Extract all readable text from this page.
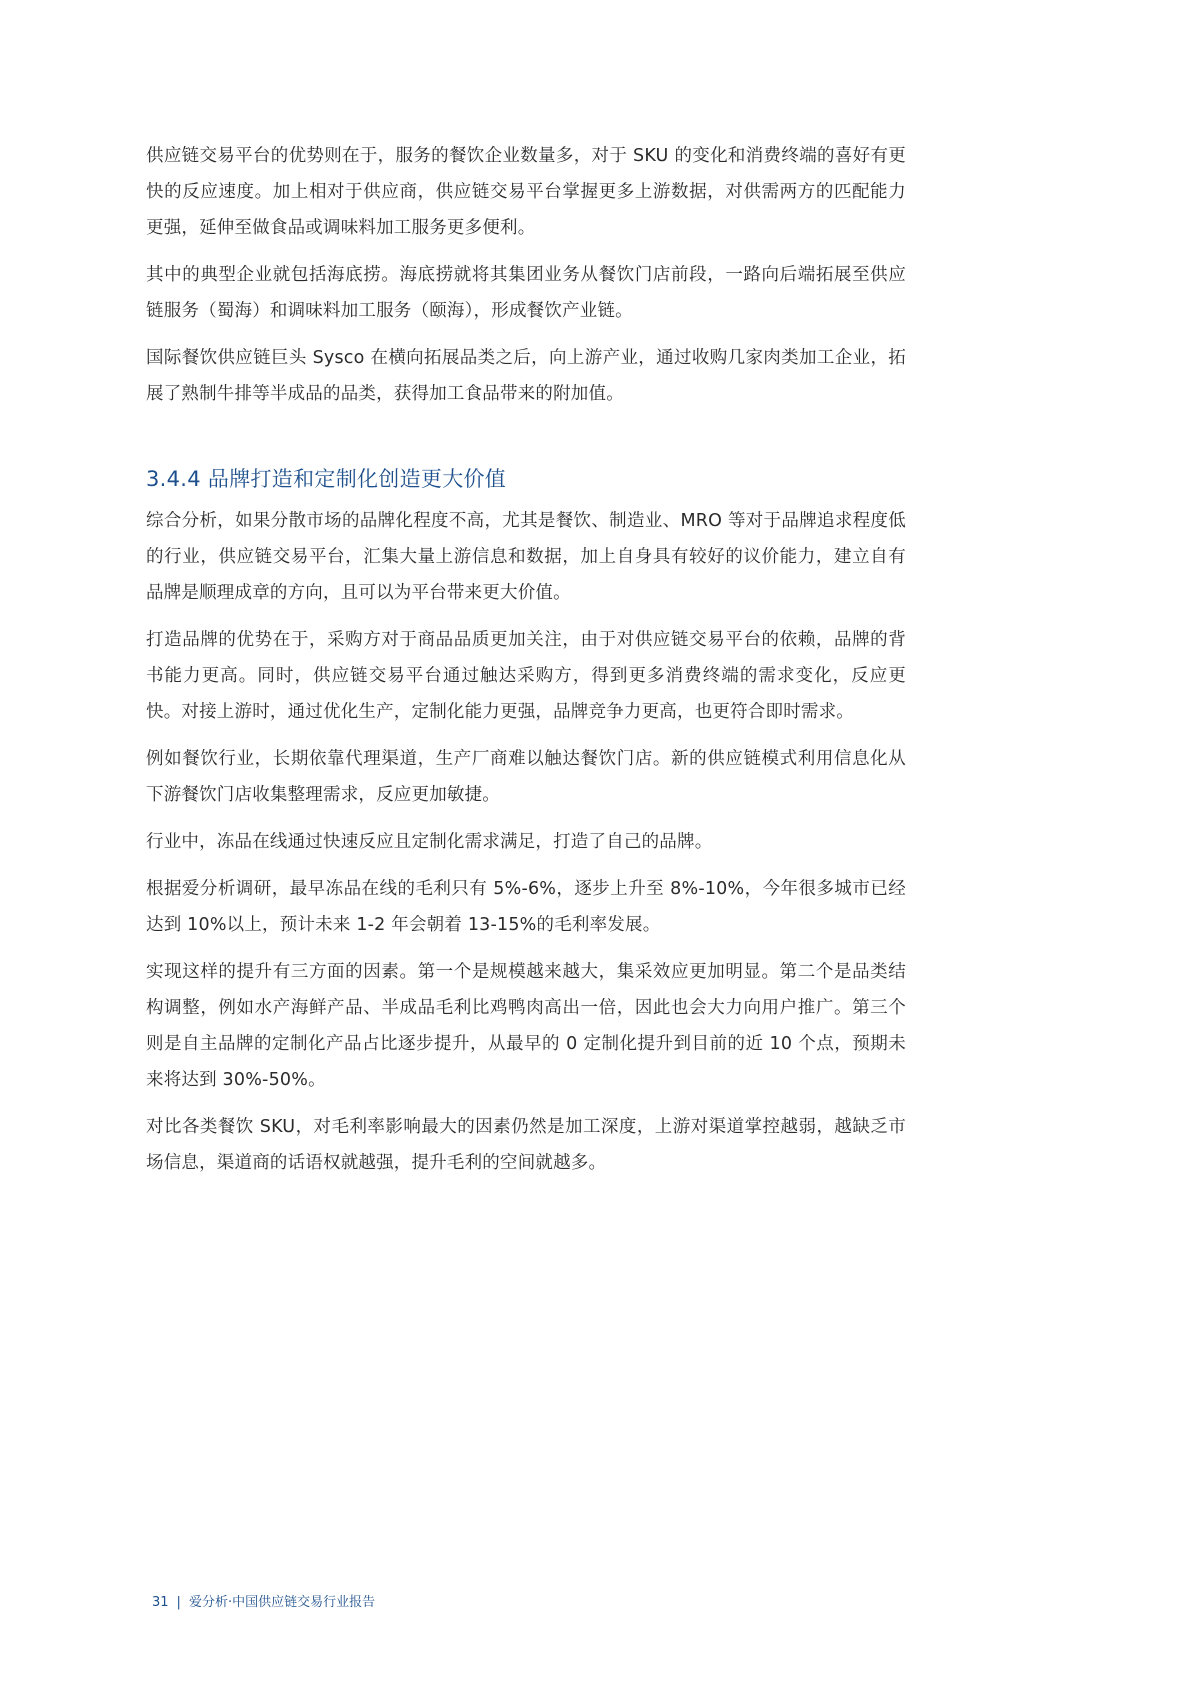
供应链交易平台的优势则在于，服务的餐饮企业数量多，对于 SKU 的变化和消费终端的喜好有更快的反应速度。加上相对于供应商，供应链交易平台掌握更多上游数据，对供需两方的匹配能力更强，延伸至做食品或调味料加工服务更多便利。

其中的典型企业就包括海底捞。海底捞就将其集团业务从餐饮门店前段，一路向后端拓展至供应链服务（蜀海）和调味料加工服务（颐海），形成餐饮产业链。

国际餐饮供应链巨头 Sysco 在横向拓展品类之后，向上游产业，通过收购几家肉类加工企业，拓展了熟制牛排等半成品的品类，获得加工食品带来的附加值。

3.4.4 品牌打造和定制化创造更大价值

综合分析，如果分散市场的品牌化程度不高，尤其是餐饮、制造业、MRO 等对于品牌追求程度低的行业，供应链交易平台，汇集大量上游信息和数据，加上自身具有较好的议价能力，建立自有品牌是顺理成章的方向，且可以为平台带来更大价值。

打造品牌的优势在于，采购方对于商品品质更加关注，由于对供应链交易平台的依赖，品牌的背书能力更高。同时，供应链交易平台通过触达采购方，得到更多消费终端的需求变化，反应更快。对接上游时，通过优化生产，定制化能力更强，品牌竞争力更高，也更符合即时需求。

例如餐饮行业，长期依靠代理渠道，生产厂商难以触达餐饮门店。新的供应链模式利用信息化从下游餐饮门店收集整理需求，反应更加敏捷。

行业中，冻品在线通过快速反应且定制化需求满足，打造了自己的品牌。

根据爱分析调研，最早冻品在线的毛利只有 5%-6%，逐步上升至 8%-10%，今年很多城市已经达到 10%以上，预计未来 1-2 年会朝着 13-15%的毛利率发展。

实现这样的提升有三方面的因素。第一个是规模越来越大，集采效应更加明显。第二个是品类结构调整，例如水产海鲜产品、半成品毛利比鸡鸭肉高出一倍，因此也会大力向用户推广。第三个则是自主品牌的定制化产品占比逐步提升，从最早的 0 定制化提升到目前的近 10 个点，预期未来将达到 30%-50%。

对比各类餐饮 SKU，对毛利率影响最大的因素仍然是加工深度，上游对渠道掌控越弱，越缺乏市场信息，渠道商的话语权就越强，提升毛利的空间就越多。

31 | 爱分析·中国供应链交易行业报告
